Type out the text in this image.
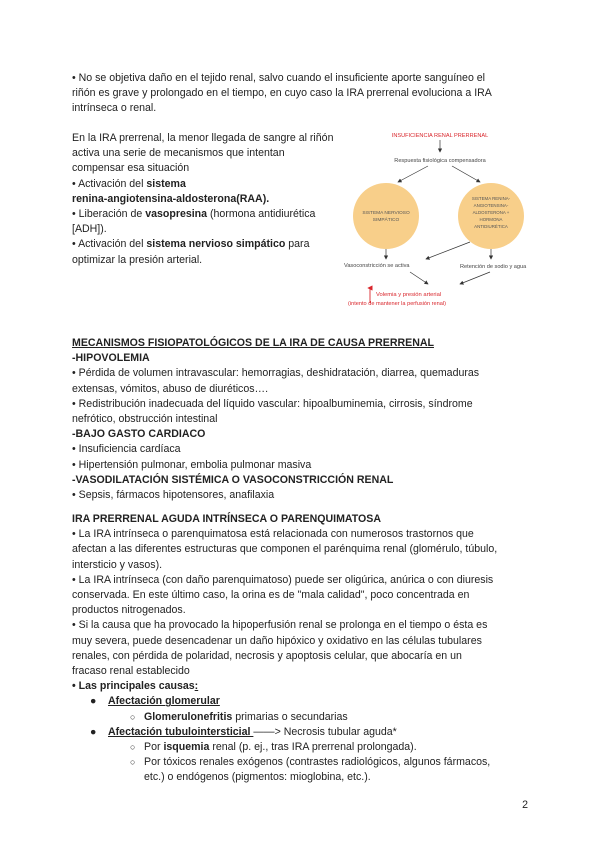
• No se objetiva daño en el tejido renal, salvo cuando el insuficiente aporte sanguíneo el
riñón es grave y prolongado en el tiempo, en cuyo caso la IRA prerrenal evoluciona a IRA
intrínseca o renal.
En la IRA prerrenal, la menor llegada de sangre al riñón
activa una serie de mecanismos que intentan
compensar esa situación
• Activación del sistema
renina-angiotensina-aldosterona(RAA).
• Liberación de vasopresina (hormona antidiurética
[ADH]).
• Activación del sistema nervioso simpático para
optimizar la presión arterial.
INSUFICIENCIA RENAL PRERRENAL
Respuesta fisiológica compensadora
SISTEMA NERVIOSO
SIMPÁTICO
SISTEMA RENINA-
ANGIOTENSINA-
ALDOSTERONA +
HORMONA
ANTIDIURÉTICA
Vasoconstricción se activa	Retención de sodio y agua
Volemia y presión arterial
(intento de mantener la perfusión renal)
MECANISMOS FISIOPATOLÓGICOS DE LA IRA DE CAUSA PRERRENAL
-HIPOVOLEMIA
• Pérdida de volumen intravascular: hemorragias, deshidratación, diarrea, quemaduras
extensas, vómitos, abuso de diuréticos….
• Redistribución inadecuada del líquido vascular: hipoalbuminemia, cirrosis, síndrome
nefrótico, obstrucción intestinal
-BAJO GASTO CARDIACO
• Insuficiencia cardíaca
• Hipertensión pulmonar, embolia pulmonar masiva
-VASODILATACIÓN SISTÉMICA O VASOCONSTRICCIÓN RENAL
• Sepsis, fármacos hipotensores, anafilaxia
IRA PRERRENAL AGUDA INTRÍNSECA O PARENQUIMATOSA
• La IRA intrínseca o parenquimatosa está relacionada con numerosos trastornos que
afectan a las diferentes estructuras que componen el parénquima renal (glomérulo, túbulo,
intersticio y vasos).
• La IRA intrínseca (con daño parenquimatoso) puede ser oligúrica, anúrica o con diuresis
conservada. En este último caso, la orina es de "mala calidad", poco concentrada en
productos nitrogenados.
• Si la causa que ha provocado la hipoperfusión renal se prolonga en el tiempo o ésta es
muy severa, puede desencadenar un daño hipóxico y oxidativo en las células tubulares
renales, con pérdida de polaridad, necrosis y apoptosis celular, que abocaría en un
fracaso renal establecido
• Las principales causas:
● Afectación glomerular
○ Glomerulonefritis primarias o secundarias
● Afectación tubulointersticial ——> Necrosis tubular aguda*
○ Por isquemia renal (p. ej., tras IRA prerrenal prolongada).
○ Por tóxicos renales exógenos (contrastes radiológicos, algunos fármacos,
etc.) o endógenos (pigmentos: mioglobina, etc.).
2
